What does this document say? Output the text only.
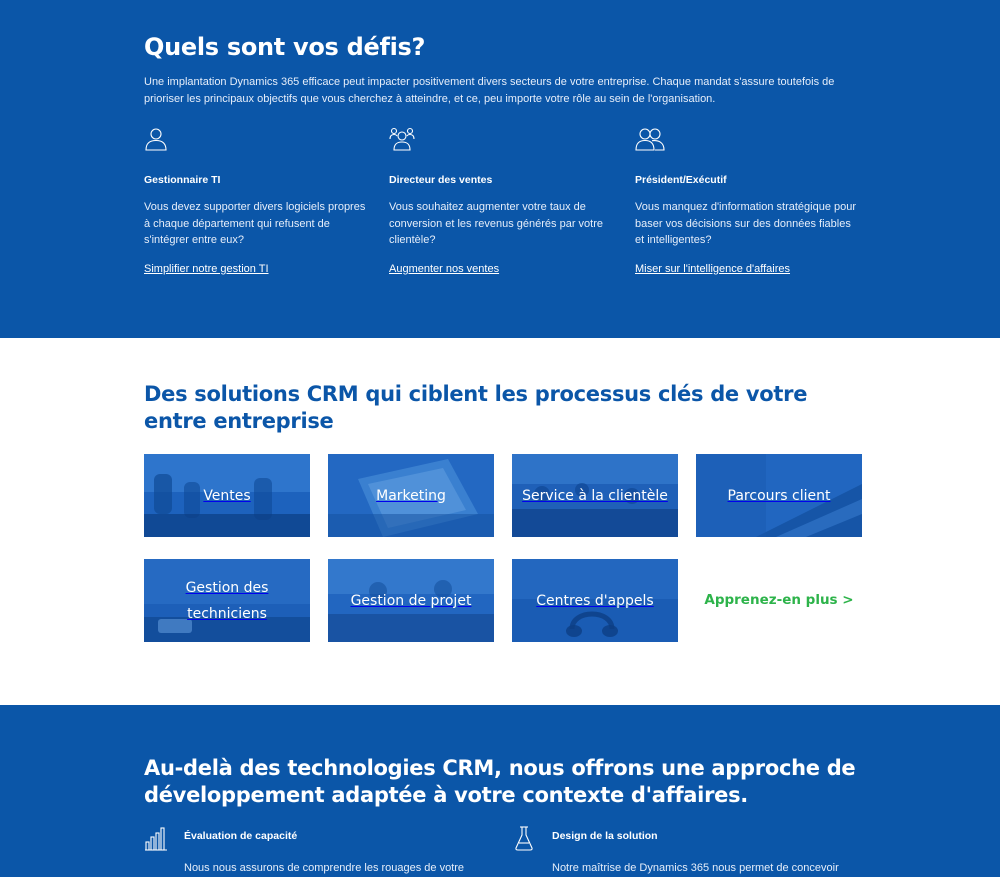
Quels sont vos défis?

Une implantation Dynamics 365 efficace peut impacter positivement divers secteurs de votre entreprise. Chaque mandat s'assure toutefois de prioriser les principaux objectifs que vous cherchez à atteindre, et ce, peu importe votre rôle au sein de l'organisation.

Gestionnaire TI

Vous devez supporter divers logiciels propres à chaque département qui refusent de s'intégrer entre eux?

Simplifier notre gestion TI
Directeur des ventes

Vous souhaitez augmenter votre taux de conversion et les revenus générés par votre clientèle?

Augmenter nos ventes
Président/Exécutif

Vous manquez d'information stratégique pour baser vos décisions sur des données fiables et intelligentes?

Miser sur l'intelligence d'affaires
Des solutions CRM qui ciblent les processus clés de votre entre entreprise
Ventes	Marketing	Service à la clientèle	Parcours client
Gestion des techniciens
Gestion de projet	Centres d'appels	Apprenez-en plus >
Au-delà des technologies CRM, nous offrons une approche de développement adaptée à votre contexte d'affaires.
Évaluation de capacité

Nous nous assurons de comprendre les rouages de votre

Design de la solution

Notre maîtrise de Dynamics 365 nous permet de concevoir
